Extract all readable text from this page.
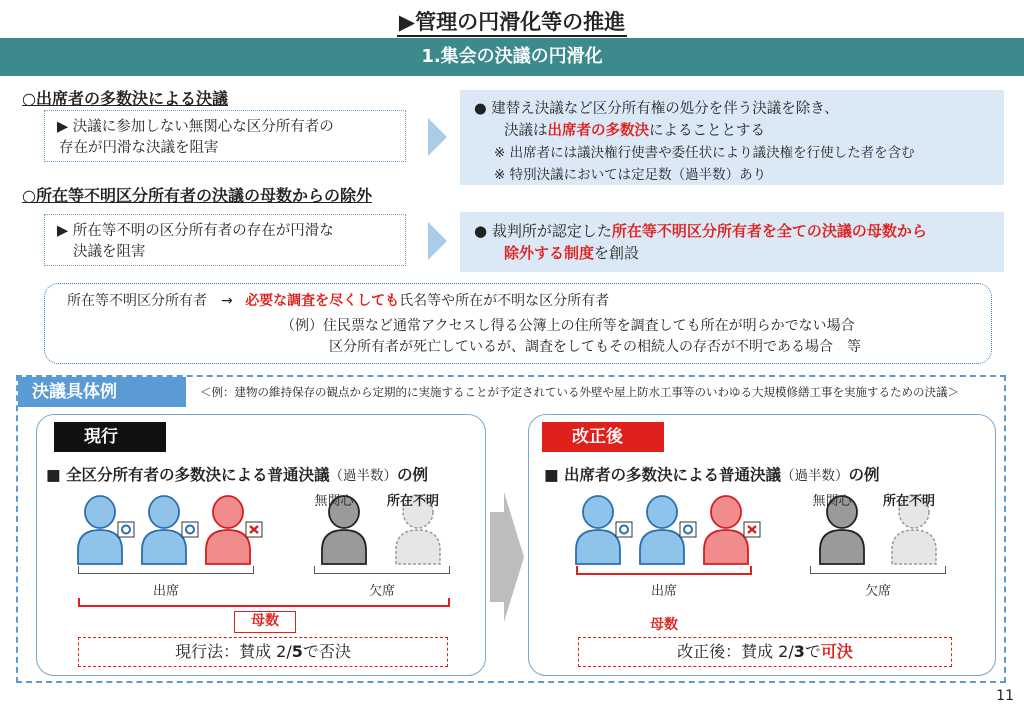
▶管理の円滑化等の推進
1.集会の決議の円滑化
○出席者の多数決による決議
▶ 決議に参加しない無関心な区分所有者の
存在が円滑な決議を阻害
● 建替え決議など区分所有権の処分を伴う決議を除き、
決議は出席者の多数決によることとする
※ 出席者には議決権行使書や委任状により議決権を行使した者を含む
※ 特別決議においては定足数（過半数）あり
○所在等不明区分所有者の決議の母数からの除外
▶ 所在等不明の区分所有者の存在が円滑な
決議を阻害
● 裁判所が認定した所在等不明区分所有者を全ての決議の母数から
除外する制度を創設
所在等不明区分所有者　→ 必要な調査を尽くしても氏名等や所在が不明な区分所有者
（例）住民票など通常アクセスし得る公簿上の住所等を調査しても所在が明らかでない場合
区分所有者が死亡しているが、調査をしてもその相続人の存否が不明である場合　等
決議具体例	＜例：建物の維持保存の観点から定期的に実施することが予定されている外壁や屋上防水工事等のいわゆる大規模修繕工事を実施するための決議＞
現行
■ 全区分所有者の多数決による普通決議（過半数）の例
無関心	所在不明
出席	欠席
母数
現行法：賛成 2/5で否決
改正後
■ 出席者の多数決による普通決議（過半数）の例
無関心	所在不明
出席	欠席
母数
改正後：賛成 2/3で可決
11
